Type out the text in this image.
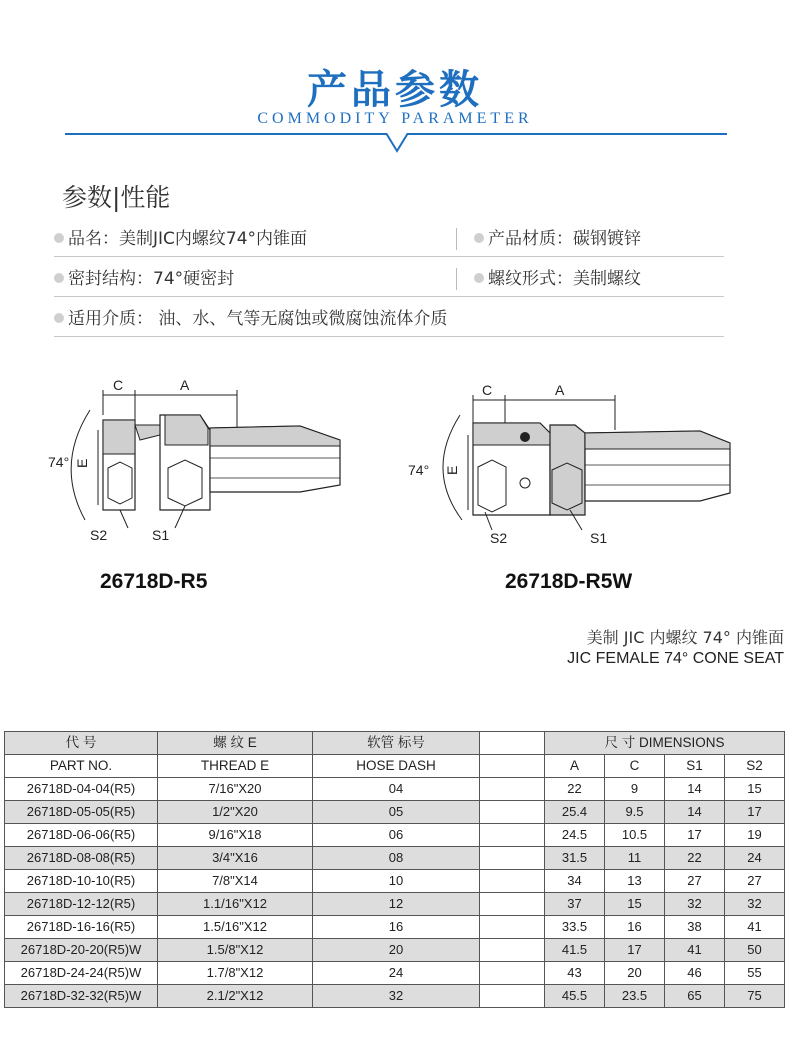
产品参数
COMMODITY PARAMETER
参数|性能
品名：美制JIC内螺纹74°内锥面	产品材质：碳钢镀锌
密封结构：74°硬密封	螺纹形式：美制螺纹
适用介质： 油、水、气等无腐蚀或微腐蚀流体介质
C	A
74° E
S2	S1
26718D-R5
C	A
74° E
S2	S1
26718D-R5W
美制 JIC 内螺纹 74° 内锥面
JIC FEMALE 74° CONE SEAT
代 号	螺 纹 E	软管 标号		尺 寸 DIMENSIONS			
PART NO.	THREAD E	HOSE DASH		A	C	S1	S2
26718D-04-04(R5)	7/16"X20	04		22	9	14	15
26718D-05-05(R5)	1/2"X20	05		25.4	9.5	14	17
26718D-06-06(R5)	9/16"X18	06		24.5	10.5	17	19
26718D-08-08(R5)	3/4"X16	08		31.5	11	22	24
26718D-10-10(R5)	7/8"X14	10		34	13	27	27
26718D-12-12(R5)	1.1/16"X12	12		37	15	32	32
26718D-16-16(R5)	1.5/16"X12	16		33.5	16	38	41
26718D-20-20(R5)W	1.5/8"X12	20		41.5	17	41	50
26718D-24-24(R5)W	1.7/8"X12	24		43	20	46	55
26718D-32-32(R5)W	2.1/2"X12	32		45.5	23.5	65	75
